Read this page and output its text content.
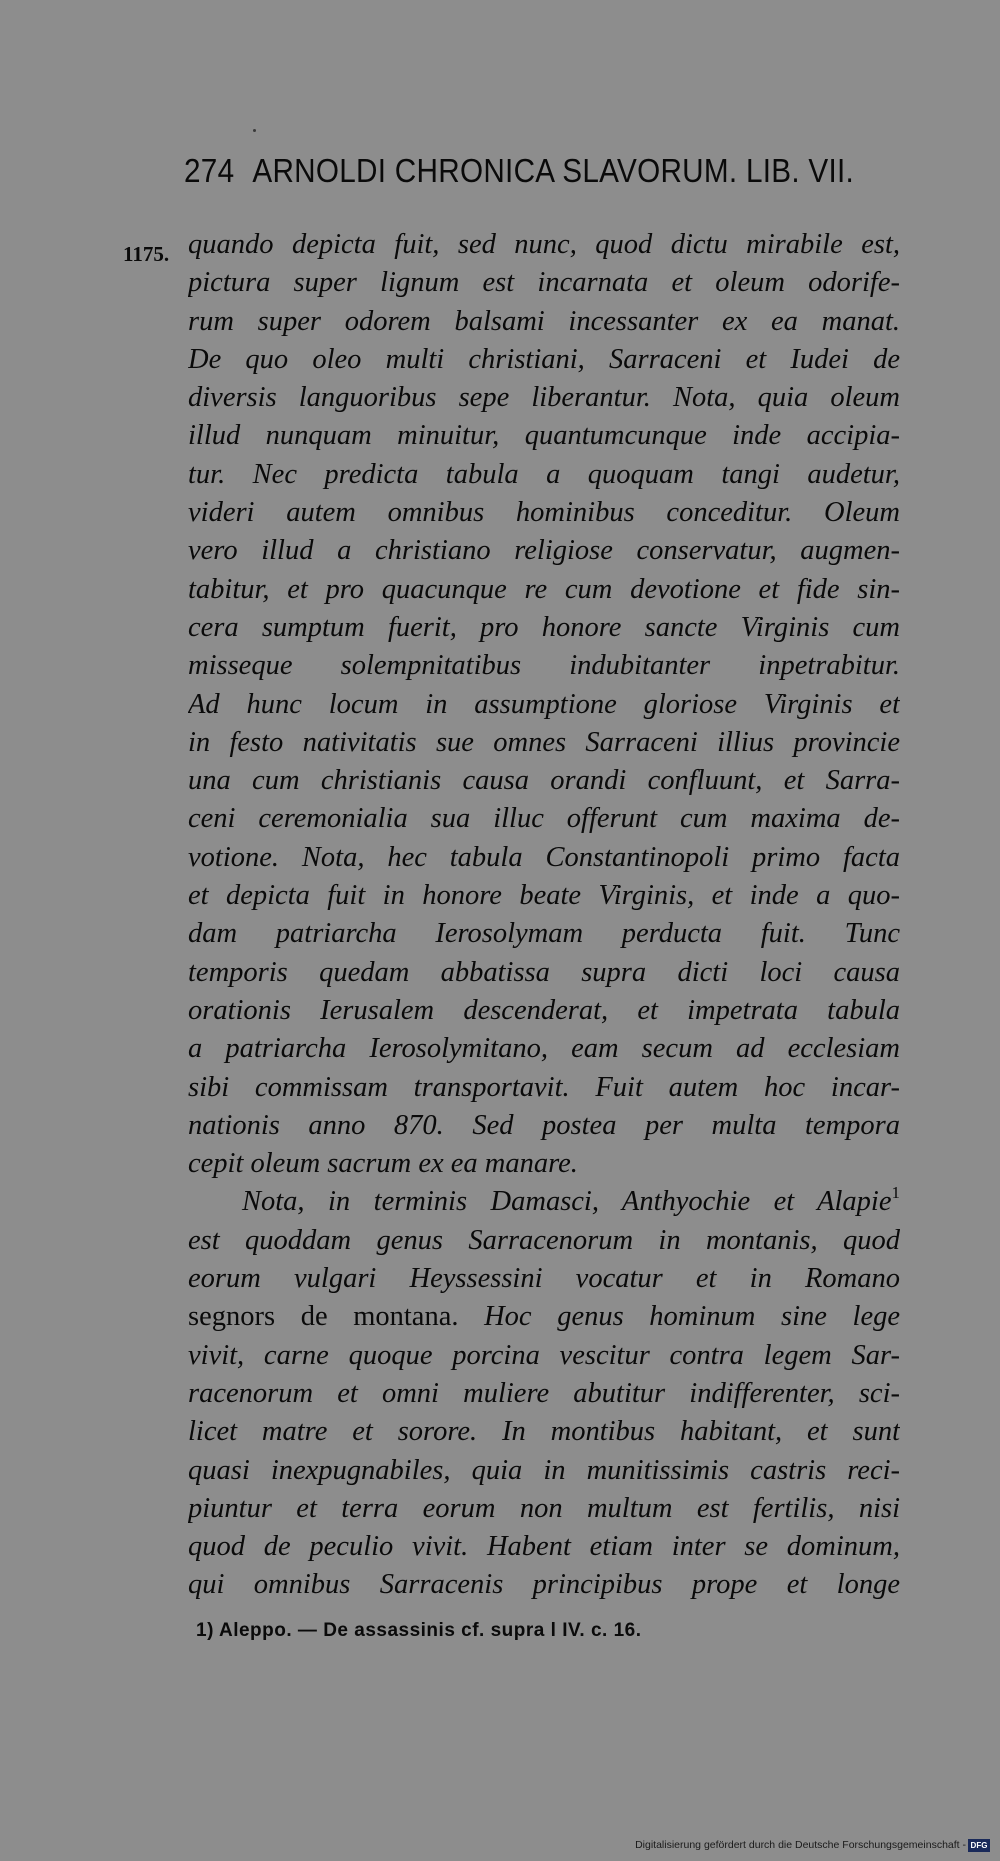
274 ARNOLDI CHRONICA SLAVORUM. LIB. VII.
1175. quando depicta fuit, sed nunc, quod dictu mirabile est,
pictura super lignum est incarnata et oleum odorife-
rum super odorem balsami incessanter ex ea manat.
De quo oleo multi christiani, Sarraceni et Iudei de
diversis languoribus sepe liberantur. Nota, quia oleum
illud nunquam minuitur, quantumcunque inde accipia-
tur. Nec predicta tabula a quoquam tangi audetur,
videri autem omnibus hominibus conceditur. Oleum
vero illud a christiano religiose conservatur, augmen-
tabitur, et pro quacunque re cum devotione et fide sin-
cera sumptum fuerit, pro honore sancte Virginis cum
misseque solempnitatibus indubitanter inpetrabitur.
Ad hunc locum in assumptione gloriose Virginis et
in festo nativitatis sue omnes Sarraceni illius provincie
una cum christianis causa orandi confluunt, et Sarra-
ceni ceremonialia sua illuc offerunt cum maxima de-
votione. Nota, hec tabula Constantinopoli primo facta
et depicta fuit in honore beate Virginis, et inde a quo-
dam patriarcha Ierosolymam perducta fuit. Tunc
temporis quedam abbatissa supra dicti loci causa
orationis Ierusalem descenderat, et impetrata tabula
a patriarcha Ierosolymitano, eam secum ad ecclesiam
sibi commissam transportavit. Fuit autem hoc incar-
nationis anno 870. Sed postea per multa tempora
cepit oleum sacrum ex ea manare.
Nota, in terminis Damasci, Anthyochie et Alapie$^1$
est quoddam genus Sarracenorum in montanis, quod
eorum vulgari Heyssessini vocatur et in Romano
segnors de montana. Hoc genus hominum sine lege
vivit, carne quoque porcina vescitur contra legem Sar-
racenorum et omni muliere abutitur indifferenter, sci-
licet matre et sorore. In montibus habitant, et sunt
quasi inexpugnabiles, quia in munitissimis castris reci-
piuntur et terra eorum non multum est fertilis, nisi
quod de peculio vivit. Habent etiam inter se dominum,
qui omnibus Sarracenis principibus prope et longe
1) Aleppo. — De assassinis cf. supra l IV. c. 16.
Digitalisierung gefördert durch die Deutsche Forschungsgemeinschaft - DFG
